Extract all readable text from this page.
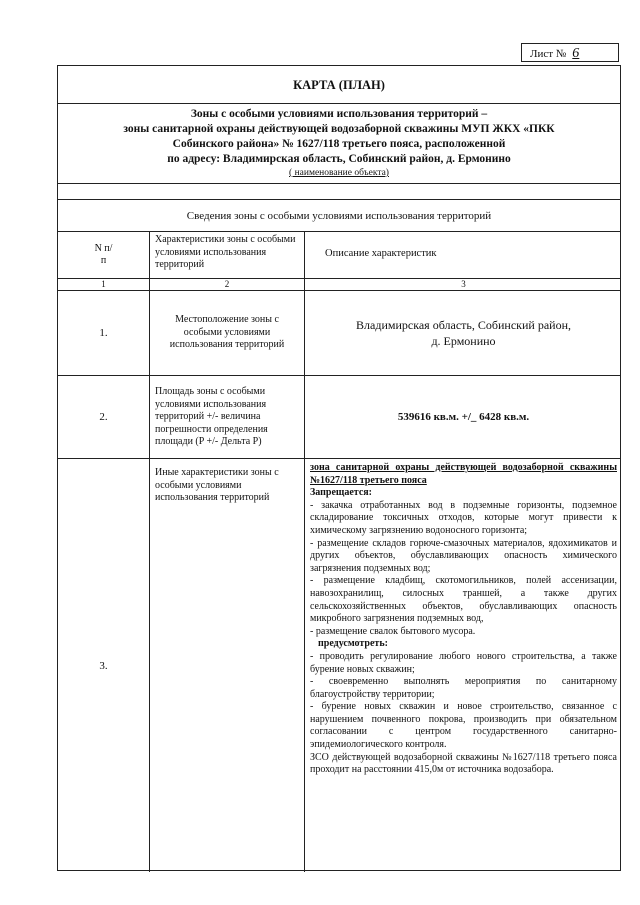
Лист № 6
КАРТА (ПЛАН)
Зоны с особыми условиями использования территорий –
зоны санитарной охраны действующей водозаборной скважины МУП ЖКХ «ПКК
Собинского района» № 1627/118 третьего пояса, расположенной
по адресу: Владимирская область, Собинский район, д. Ермонино
( наименование объекта)
Сведения зоны с особыми условиями использования территорий
N п/п
Характеристики зоны с особыми условиями использования территорий
Описание характеристик
1	2	3
1.
Местоположение зоны с особыми условиями использования территорий
Владимирская область, Собинский район,
д. Ермонино
2.
Площадь зоны с особыми условиями использования территорий +/- величина погрешности определения площади (P +/- Дельта P)
539616 кв.м. +/_ 6428 кв.м.
3.
Иные характеристики зоны с особыми условиями использования территорий

зона санитарной охраны действующей водозаборной скважины №1627/118 третьего пояса

Запрещается:

- закачка отработанных вод в подземные горизонты, подземное складирование токсичных отходов, которые могут привести к химическому загрязнению водоносного горизонта;

- размещение складов горюче-смазочных материалов, ядохимикатов и других объектов, обуславливающих опасность химического загрязнения подземных вод;

- размещение кладбищ, скотомогильников, полей ассенизации, навозохранилищ, силосных траншей, а также других сельскохозяйственных объектов, обуславливающих опасность микробного загрязнения подземных вод,

- размещение свалок бытового мусора.

предусмотреть:

- проводить регулирование любого нового строительства, а также бурение новых скважин;

- своевременно выполнять мероприятия по санитарному благоустройству территории;

- бурение новых скважин и новое строительство, связанное с нарушением почвенного покрова, производить при обязательном согласовании с центром государственного санитарно-эпидемиологического контроля.

ЗСО действующей водозаборной скважины №1627/118 третьего пояса проходит на расстоянии 415,0м от источника водозабора.
